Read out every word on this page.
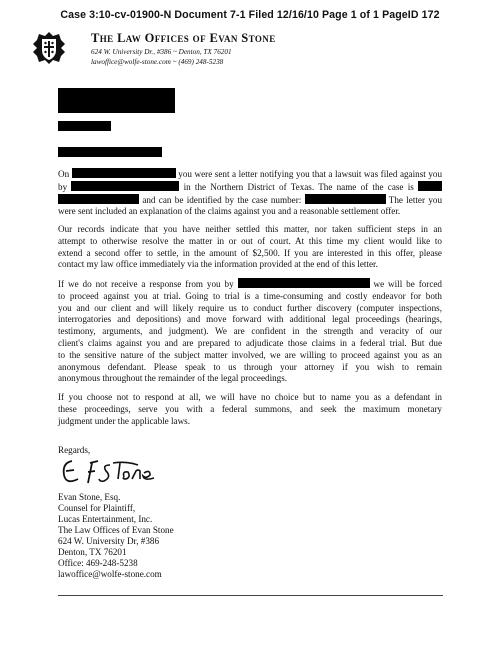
Case 3:10-cv-01900-N Document 7-1 Filed 12/16/10 Page 1 of 1 PageID 172
The Law Offices of Evan Stone
624 W. University Dr., #386 ~ Denton, TX 76201
lawoffice@wolfe-stone.com ~ (469) 248-5238
On	you were sent a letter notifying you that a lawsuit was filed against you
by	in the Northern District of Texas. The name of the case is
and can be identified by the case number:	The letter you
were sent included an explanation of the claims against you and a reasonable settlement offer.
Our records indicate that you have neither settled this matter, nor taken sufficient steps in an
attempt to otherwise resolve the matter in or out of court. At this time my client would like to
extend a second offer to settle, in the amount of $2,500. If you are interested in this offer, please
contact my law office immediately via the information provided at the end of this letter.
If we do not receive a response from you by	we will be forced
to proceed against you at trial. Going to trial is a time-consuming and costly endeavor for both
you and our client and will likely require us to conduct further discovery (computer inspections,
interrogatories and depositions) and move forward with additional legal proceedings (hearings,
testimony, arguments, and judgment). We are confident in the strength and veracity of our
client's claims against you and are prepared to adjudicate those claims in a federal trial. But due
to the sensitive nature of the subject matter involved, we are willing to proceed against you as an
anonymous defendant. Please speak to us through your attorney if you wish to remain
anonymous throughout the remainder of the legal proceedings.
If you choose not to respond at all, we will have no choice but to name you as a defendant in
these proceedings, serve you with a federal summons, and seek the maximum monetary
judgment under the applicable laws.
Regards,
Evan Stone, Esq.
Counsel for Plaintiff,
Lucas Entertainment, Inc.
The Law Offices of Evan Stone
624 W. University Dr, #386
Denton, TX 76201
Office: 469-248-5238
lawoffice@wolfe-stone.com
